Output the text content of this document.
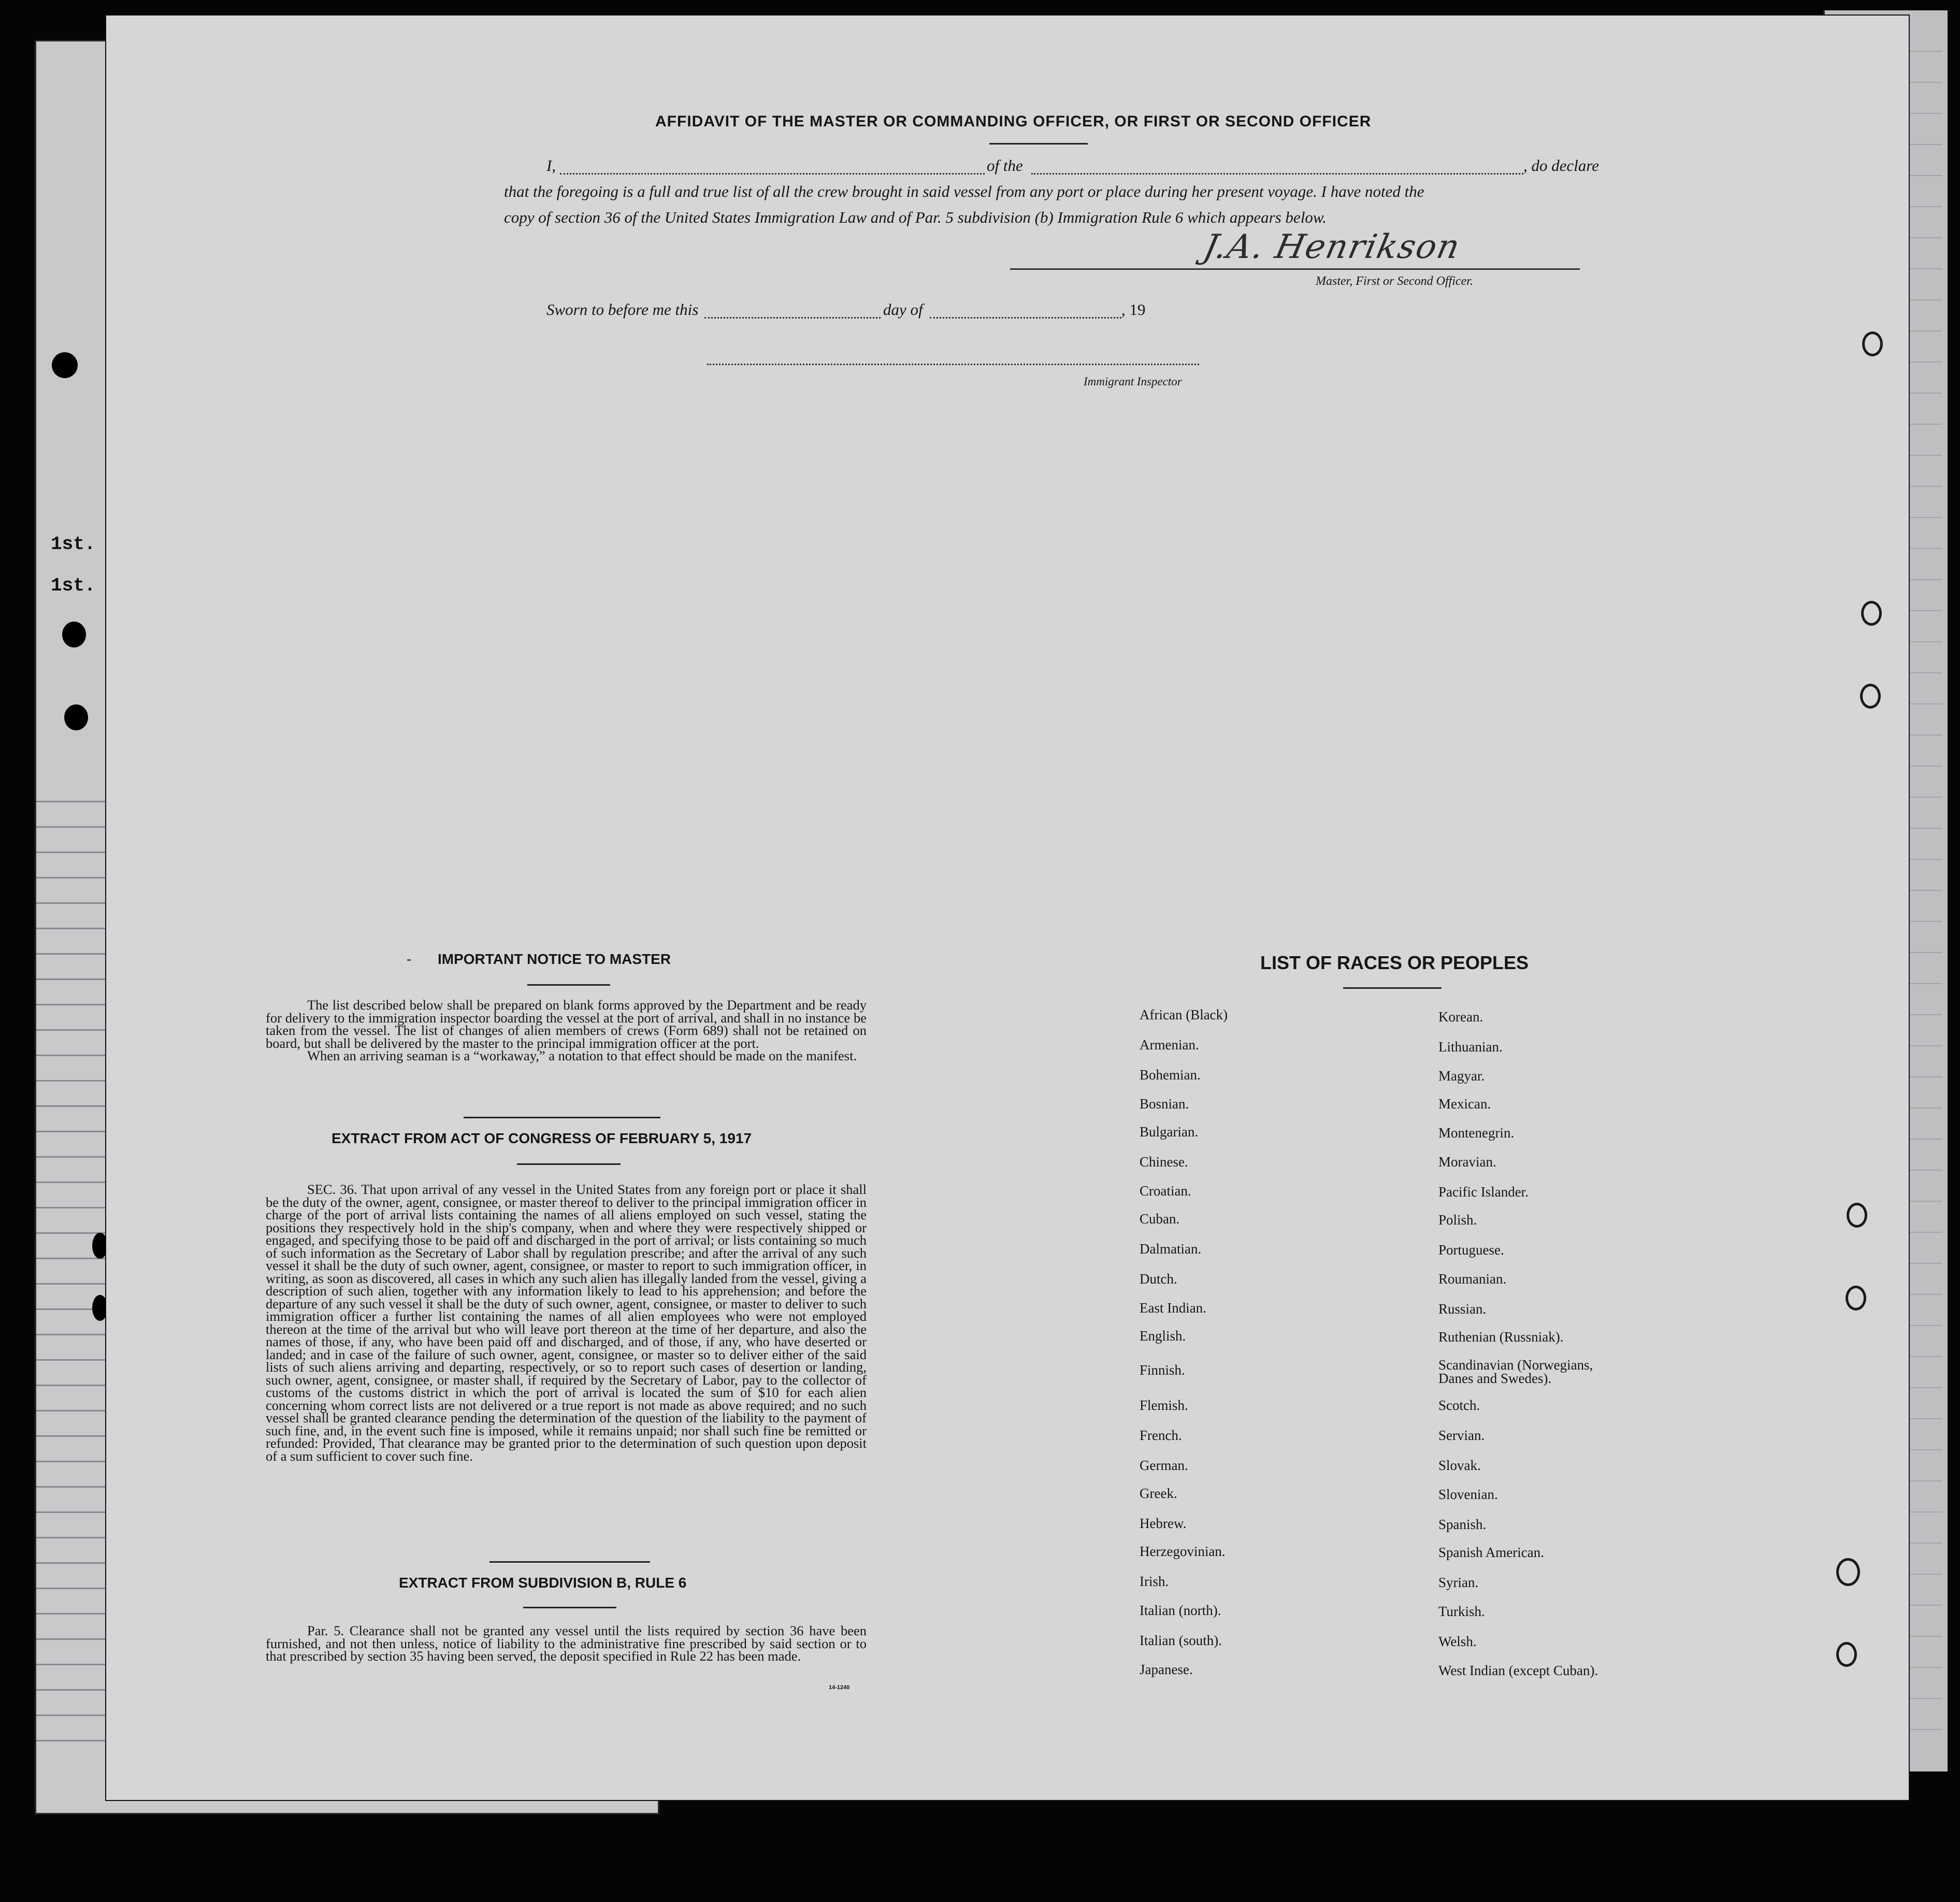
1st.
1st.
AFFIDAVIT OF THE MASTER OR COMMANDING OFFICER, OR FIRST OR SECOND OFFICER
I,	of the	, do declare
that the foregoing is a full and true list of all the crew brought in said vessel from any port or place during her present voyage. I have noted the
copy of section 36 of the United States Immigration Law and of Par. 5 subdivision (b) Immigration Rule 6 which appears below.
J.A. Henrikson
Master, First or Second Officer.
Sworn to before me this	day of	, 19
Immigrant Inspector
- IMPORTANT NOTICE TO MASTER

The list described below shall be prepared on blank forms approved by the Department and be ready for delivery to the immigration inspector boarding the vessel at the port of arrival, and shall in no instance be taken from the vessel. The list of changes of alien members of crews (Form 689) shall not be retained on board, but shall be delivered by the master to the principal immigration officer at the port.

When an arriving seaman is a “workaway,” a notation to that effect should be made on the manifest.

EXTRACT FROM ACT OF CONGRESS OF FEBRUARY 5, 1917

SEC. 36. That upon arrival of any vessel in the United States from any foreign port or place it shall be the duty of the owner, agent, consignee, or master thereof to deliver to the principal immigration officer in charge of the port of arrival lists containing the names of all aliens employed on such vessel, stating the positions they respectively hold in the ship's company, when and where they were respectively shipped or engaged, and specifying those to be paid off and discharged in the port of arrival; or lists containing so much of such information as the Secretary of Labor shall by regulation prescribe; and after the arrival of any such vessel it shall be the duty of such owner, agent, consignee, or master to report to such immigration officer, in writing, as soon as discovered, all cases in which any such alien has illegally landed from the vessel, giving a description of such alien, together with any information likely to lead to his apprehension; and before the departure of any such vessel it shall be the duty of such owner, agent, consignee, or master to deliver to such immigration officer a further list containing the names of all alien employees who were not employed thereon at the time of the arrival but who will leave port thereon at the time of her departure, and also the names of those, if any, who have been paid off and discharged, and of those, if any, who have deserted or landed; and in case of the failure of such owner, agent, consignee, or master so to deliver either of the said lists of such aliens arriving and departing, respectively, or so to report such cases of desertion or landing, such owner, agent, consignee, or master shall, if required by the Secretary of Labor, pay to the collector of customs of the customs district in which the port of arrival is located the sum of $10 for each alien concerning whom correct lists are not delivered or a true report is not made as above required; and no such vessel shall be granted clearance pending the determination of the question of the liability to the payment of such fine, and, in the event such fine is imposed, while it remains unpaid; nor shall such fine be remitted or refunded: Provided, That clearance may be granted prior to the determination of such question upon deposit of a sum sufficient to cover such fine.

EXTRACT FROM SUBDIVISION B, RULE 6

Par. 5. Clearance shall not be granted any vessel until the lists required by section 36 have been furnished, and not then unless, notice of liability to the administrative fine prescribed by said section or to that prescribed by section 35 having been served, the deposit specified in Rule 22 has been made.

14-1240
LIST OF RACES OR PEOPLES
African (Black)
Armenian.
Bohemian.
Bosnian.
Bulgarian.
Chinese.
Croatian.
Cuban.
Dalmatian.
Dutch.
East Indian.
English.
Finnish.
Flemish.
French.
German.
Greek.
Hebrew.
Herzegovinian.
Irish.
Italian (north).
Italian (south).
Japanese.
Korean.
Lithuanian.
Magyar.
Mexican.
Montenegrin.
Moravian.
Pacific Islander.
Polish.
Portuguese.
Roumanian.
Russian.
Ruthenian (Russniak).
Scandinavian (Norwegians, Danes and Swedes).
Scotch.
Servian.
Slovak.
Slovenian.
Spanish.
Spanish American.
Syrian.
Turkish.
Welsh.
West Indian (except Cuban).
